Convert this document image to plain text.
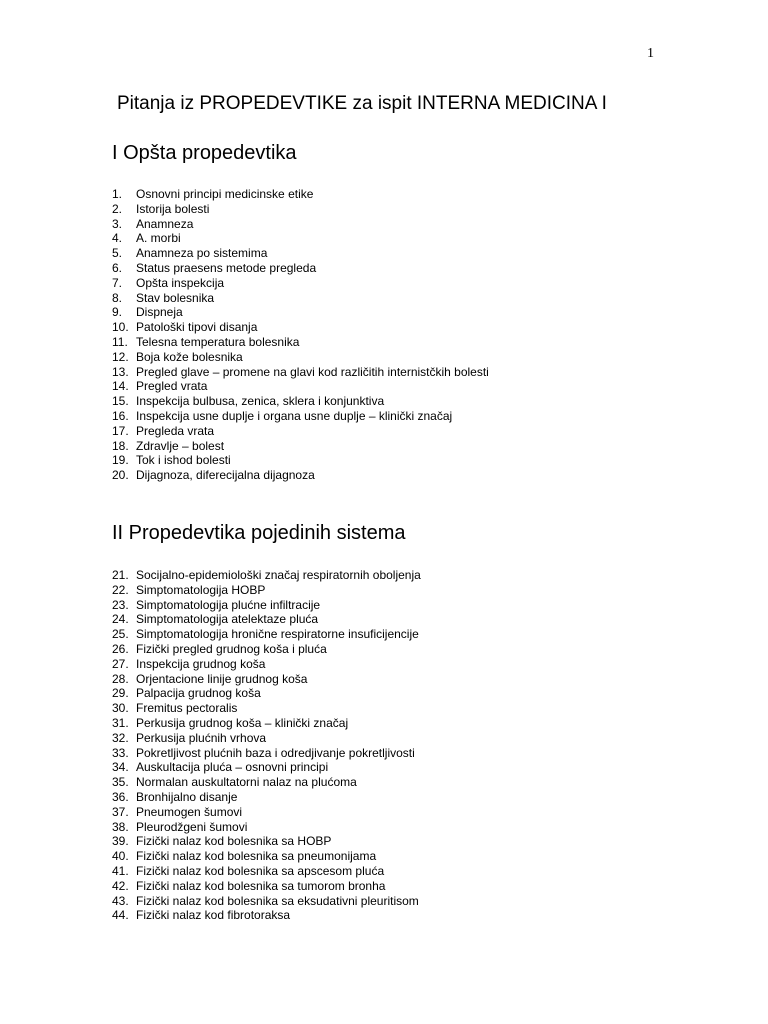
1
Pitanja iz PROPEDEVTIKE za ispit INTERNA MEDICINA I
I Opšta propedevtika
1.	Osnovni principi medicinske etike
2.	Istorija bolesti
3.	Anamneza
4.	A. morbi
5.	Anamneza po sistemima
6.	Status praesens metode pregleda
7.	Opšta inspekcija
8.	Stav bolesnika
9.	Dispneja
10. Patološki tipovi disanja
11. Telesna temperatura bolesnika
12. Boja kože bolesnika
13. Pregled glave – promene na glavi kod različitih internistčkih bolesti
14. Pregled vrata
15. Inspekcija bulbusa, zenica, sklera i konjunktiva
16. Inspekcija usne duplje i organa usne duplje – klinički značaj
17. Pregleda vrata
18. Zdravlje – bolest
19. Tok i ishod bolesti
20. Dijagnoza, diferecijalna dijagnoza
II Propedevtika pojedinih sistema
21. Socijalno-epidemiološki značaj respiratornih oboljenja
22. Simptomatologija HOBP
23. Simptomatologija plućne infiltracije
24. Simptomatologija atelektaze pluća
25. Simptomatologija hronične respiratorne insuficijencije
26. Fizički pregled grudnog koša i pluća
27. Inspekcija grudnog koša
28. Orjentacione linije grudnog koša
29. Palpacija grudnog koša
30. Fremitus pectoralis
31. Perkusija grudnog koša – klinički značaj
32. Perkusija plućnih vrhova
33. Pokretljivost plućnih baza i odredjivanje pokretljivosti
34. Auskultacija pluća – osnovni principi
35. Normalan auskultatorni nalaz na plućoma
36. Bronhijalno disanje
37. Pneumogen šumovi
38. Pleurodžgeni šumovi
39. Fizički nalaz kod bolesnika sa HOBP
40. Fizički nalaz kod bolesnika sa pneumonijama
41. Fizički nalaz kod bolesnika sa apscesom pluća
42. Fizički nalaz kod bolesnika sa tumorom bronha
43. Fizički nalaz kod bolesnika sa eksudativni pleuritisom
44. Fizički nalaz kod fibrotoraksa
